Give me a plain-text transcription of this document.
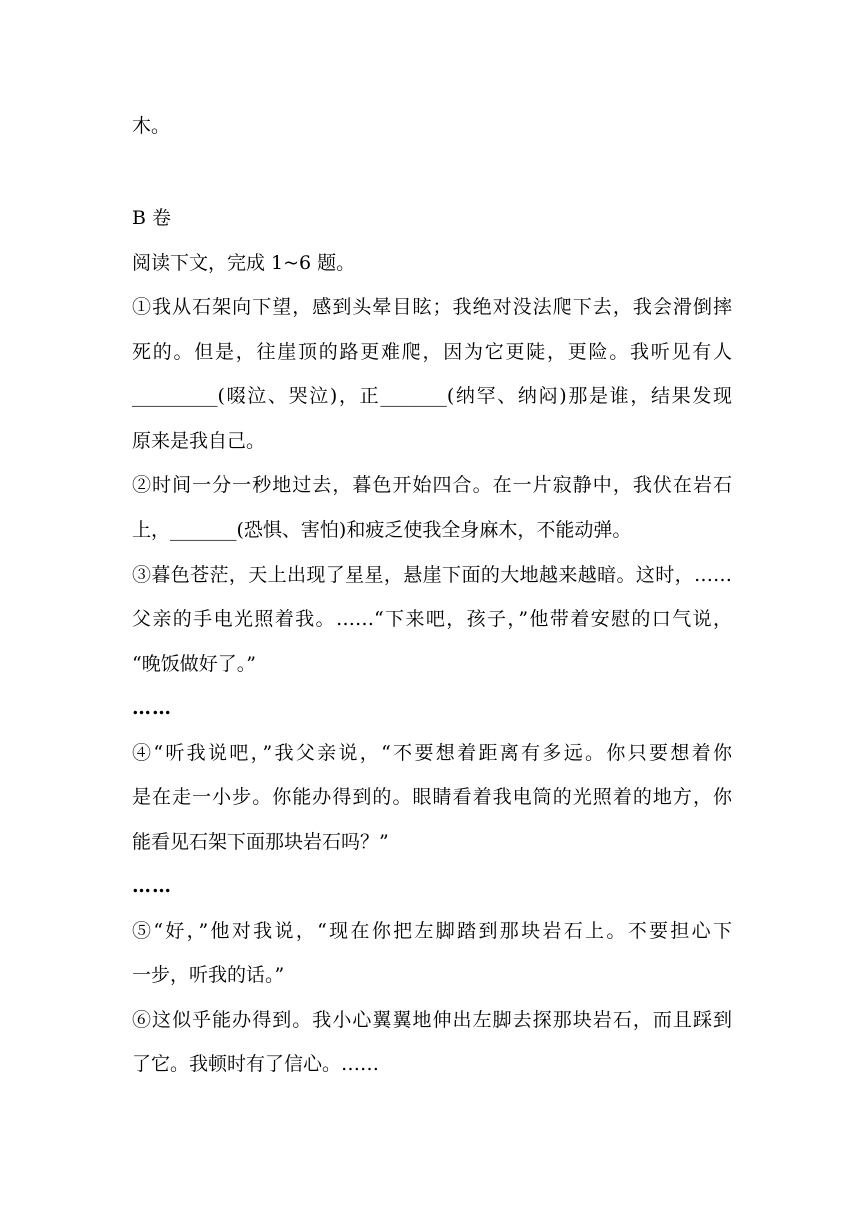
木。
B 卷
阅读下文，完成 1~6 题。
①我从石架向下望，感到头晕目眩；我绝对没法爬下去，我会滑倒摔
死的。但是，往崖顶的路更难爬，因为它更陡，更险。我听见有人
_________(啜泣、哭泣)，正_______(纳罕、纳闷)那是谁，结果发现
原来是我自己。
②时间一分一秒地过去，暮色开始四合。在一片寂静中，我伏在岩石
上，_______(恐惧、害怕)和疲乏使我全身麻木，不能动弹。
③暮色苍茫，天上出现了星星，悬崖下面的大地越来越暗。这时，……
父亲的手电光照着我。……“下来吧，孩子，”他带着安慰的口气说，
“晚饭做好了。”
……
④“听我说吧，”我父亲说，“不要想着距离有多远。你只要想着你
是在走一小步。你能办得到的。眼睛看着我电筒的光照着的地方，你
能看见石架下面那块岩石吗？”
……
⑤“好，”他对我说，“现在你把左脚踏到那块岩石上。不要担心下
一步，听我的话。”
⑥这似乎能办得到。我小心翼翼地伸出左脚去探那块岩石，而且踩到
了它。我顿时有了信心。……
